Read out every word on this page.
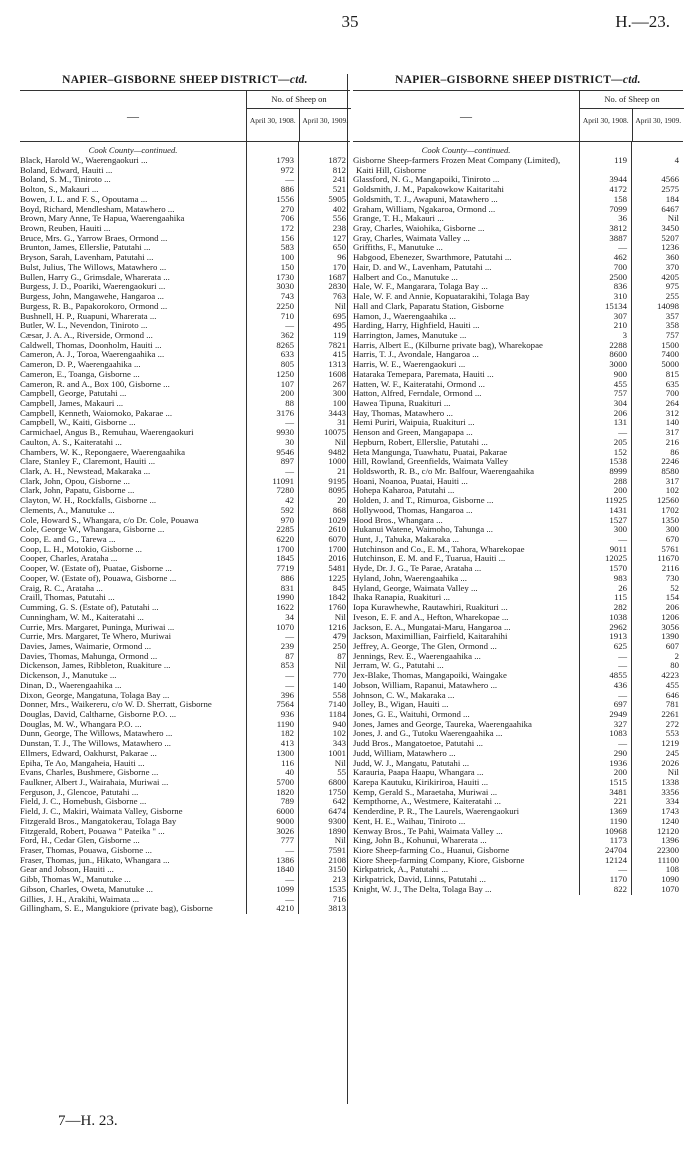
35	H.—23.
NAPIER–GISBORNE SHEEP DISTRICT—ctd.
—
No. of Sheep on
April 30, 1908. April 30, 1909.
Cook County—continued.
Black, Harold W., Waerengaokuri ...	1793	1872
Boland, Edward, Hauiti ...	972	812
Boland, S. M., Tiniroto ...	—	241
Bolton, S., Makauri ...	886	521
Bowen, J. L. and F. S., Opoutama ...	1556	5905
Boyd, Richard, Mendlesham, Matawhero ...	270	402
Brown, Mary Anne, Te Hapua, Waerengaahika	706	556
Brown, Reuben, Hauiti ...	172	238
Bruce, Mrs. G., Yarrow Braes, Ormond ...	156	127
Brunton, James, Ellerslie, Patutahi ...	583	650
Bryson, Sarah, Lavenham, Patutahi ...	100	96
Bulst, Julius, The Willows, Matawhero ...	150	170
Bullen, Harry G., Grimsdale, Wharerata ...	1730	1687
Burgess, J. D., Poariki, Waerengaokuri ...	3030	2830
Burgess, John, Mangawehe, Hangaroa ...	743	763
Burgess, R. B., Papakorokoro, Ormond ...	2250	Nil
Bushnell, H. P., Ruapuni, Wharerata ...	710	695
Butler, W. L., Nevendon, Tiniroto ...	—	495
Cæsar, J. A. A., Riverside, Ormond ...	362	119
Caldwell, Thomas, Doonholm, Hauiti ...	8265	7821
Cameron, A. J., Toroa, Waerengaahika ...	633	415
Cameron, D. P., Waerengaahika ...	805	1313
Cameron, E., Toanga, Gisborne ...	1250	1608
Cameron, R. and A., Box 100, Gisborne ...	107	267
Campbell, George, Patutahi ...	200	300
Campbell, James, Makauri ...	88	100
Campbell, Kenneth, Waiomoko, Pakarae ...	3176	3443
Campbell, W., Kaiti, Gisborne ...	—	31
Carmichael, Angus B., Remuhau, Waerengaokuri	9930	10075
Caulton, A. S., Kaiteratahi ...	30	Nil
Chambers, W. K., Repongaere, Waerengaahika	9546	9482
Clare, Stanley F., Claremont, Hauiti ...	897	1000
Clark, A. H., Newstead, Makaraka ...	—	21
Clark, John, Opou, Gisborne ...	11091	9195
Clark, John, Papatu, Gisborne ...	7280	8095
Clayton, W. H., Rockfalls, Gisborne ...	42	20
Clements, A., Manutuke ...	592	868
Cole, Howard S., Whangara, c/o Dr. Cole, Pouawa	970	1029
Cole, George W., Whangara, Gisborne ...	2285	2610
Coop, E. and G., Tarewa ...	6220	6070
Coop, L. H., Motokio, Gisborne ...	1700	1700
Cooper, Charles, Arataha ...	1845	2016
Cooper, W. (Estate of), Puatae, Gisborne ...	7719	5481
Cooper, W. (Estate of), Pouawa, Gisborne ...	886	1225
Craig, R. C., Arataha ...	831	845
Craill, Thomas, Patutahi ...	1990	1842
Cumming, G. S. (Estate of), Patutahi ...	1622	1760
Cunningham, W. M., Kaiteratahi ...	34	Nil
Currie, Mrs. Margaret, Puninga, Muriwai ...	1070	1216
Currie, Mrs. Margaret, Te Whero, Muriwai	—	479
Davies, James, Waimarie, Ormond ...	239	250
Davies, Thomas, Mahunga, Ormond ...	87	87
Dickenson, James, Ribbleton, Ruakiture ...	853	Nil
Dickenson, J., Manutuke ...	—	770
Dinan, D., Waerengaahika ...	—	140
Dixon, George, Mangatuna, Tolaga Bay ...	396	558
Donner, Mrs., Waikereru, c/o W. D. Sherratt, Gisborne	7564	7140
Douglas, David, Caltharne, Gisborne P.O. ...	936	1184
Douglas, M. W., Whangara P.O. ...	1190	940
Dunn, George, The Willows, Matawhero ...	182	102
Dunstan, T. J., The Willows, Matawhero ...	413	343
Ellmers, Edward, Oakhurst, Pakarae ...	1300	1001
Epiha, Te Ao, Mangaheia, Hauiti ...	116	Nil
Evans, Charles, Bushmere, Gisborne ...	40	55
Faulkner, Albert J., Wairahaia, Muriwai ...	5700	6800
Ferguson, J., Glencoe, Patutahi ...	1820	1750
Field, J. C., Homebush, Gisborne ...	789	642
Field, J. C., Makiri, Waimata Valley, Gisborne	6000	6474
Fitzgerald Bros., Mangatokerau, Tolaga Bay	9000	9300
Fitzgerald, Robert, Pouawa " Pateika " ...	3026	1890
Ford, H., Cedar Glen, Gisborne ...	777	Nil
Fraser, Thomas, Pouawa, Gisborne ...	—	7591
Fraser, Thomas, jun., Hikato, Whangara ...	1386	2108
Gear and Jobson, Hauiti ...	1840	3150
Gibb, Thomas W., Manutuke ...	—	213
Gibson, Charles, Oweta, Manutuke ...	1099	1535
Gillies, J. H., Arakihi, Waimata ...	—	716
Gillingham, S. E., Mangukiore (private bag), Gisborne	4210	3813
NAPIER–GISBORNE SHEEP DISTRICT—ctd.
—
No. of Sheep on
April 30, 1908. April 30, 1909.
Cook County—continued.
Gisborne Sheep-farmers Frozen Meat Company (Limited), Kaiti Hill, Gisborne
119	4
Glassford, N. G., Mangapoiki, Tiniroto ...	3944	4566
Goldsmith, J. M., Papakowkow Kaitaritahi	4172	2575
Goldsmith, T. J., Awapuni, Matawhero ...	158	184
Graham, William, Ngakaroa, Ormond ...	7099	6467
Grange, T. H., Makauri ...	36	Nil
Gray, Charles, Waiohika, Gisborne ...	3812	3450
Gray, Charles, Waimata Valley ...	3887	5207
Griffiths, F., Manutuke ...	—	1236
Habgood, Ebenezer, Swarthmore, Patutahi ...	462	360
Hair, D. and W., Lavenham, Patutahi ...	700	370
Halbert and Co., Manutuke ...	2500	4205
Hale, W. F., Mangarara, Tolaga Bay ...	836	975
Hale, W. F. and Annie, Kopuatarakihi, Tolaga Bay	310	255
Hall and Clark, Paparatu Station, Gisborne	15134	14098
Hamon, J., Waerengaahika ...	307	357
Harding, Harry, Highfield, Hauiti ...	210	358
Harrington, James, Manutuke ...	3	757
Harris, Albert E., (Kilburne private bag), Wharekopae	2288	1500
Harris, T. J., Avondale, Hangaroa ...	8600	7400
Harris, W. E., Waerengaokuri ...	3000	5000
Hataraka Temepara, Paremata, Hauiti ...	900	815
Hatten, W. F., Kaiteratahi, Ormond ...	455	635
Hatton, Alfred, Ferndale, Ormond ...	757	700
Hawea Tipuna, Ruakituri ...	304	264
Hay, Thomas, Matawhero ...	206	312
Hemi Puriri, Waipuia, Ruakituri ...	131	140
Henson and Green, Mangapapa ...	—	317
Hepburn, Robert, Ellerslie, Patutahi ...	205	216
Heta Mangunga, Tuawhatu, Puatai, Pakarae	152	86
Hill, Rowland, Greenfields, Waimata Valley	1538	2246
Holdsworth, R. B., c/o Mr. Balfour, Waerengaahika	8999	8580
Hoani, Noanoa, Puatai, Hauiti ...	288	317
Hohepa Kaharoa, Patutahi ...	200	102
Holden, J. and T., Rimuroa, Gisborne ...	11925	12560
Hollywood, Thomas, Hangaroa ...	1431	1702
Hood Bros., Whangara ...	1527	1350
Hukanui Watene, Waimoho, Tahunga ...	300	300
Hunt, J., Tahuka, Makaraka ...	—	670
Hutchinson and Co., E. M., Tahora, Wharekopae	9011	5761
Hutchinson, E. M. and F., Tuarua, Hauiti ...	12025	11670
Hyde, Dr. J. G., Te Parae, Arataha ...	1570	2116
Hyland, John, Waerengaahika ...	983	730
Hyland, George, Waimata Valley ...	26	52
Ihaka Ranapia, Ruakituri ...	115	154
Iopa Kurawhewhe, Rautawhiri, Ruakituri ...	282	206
Iveson, E. F. and A., Hefton, Wharekopae ...	1038	1206
Jackson, E. A., Mungatai-Maru, Hangaroa ...	2962	3056
Jackson, Maximillian, Fairfield, Kaitarahihi	1913	1390
Jeffrey, A. George, The Glen, Ormond ...	625	607
Jennings, Rev. E., Waerengaahika ...	—	2
Jerram, W. G., Patutahi ...	—	80
Jex-Blake, Thomas, Mangapoiki, Waingake	4855	4223
Jobson, William, Rapanui, Matawhero ...	436	455
Johnson, C. W., Makaraka ...	—	646
Jolley, B., Wigan, Hauiti ...	697	781
Jones, G. E., Waituhi, Ormond ...	2949	2261
Jones, James and George, Taureka, Waerengaahika	327	272
Jones, J. and G., Tutoku Waerengaahika ...	1083	553
Judd Bros., Mangatoetoe, Patutahi ...	—	1219
Judd, William, Matawhero ...	290	245
Judd, W. J., Mangatu, Patutahi ...	1936	2026
Karauria, Paapa Haapu, Whangara ...	200	Nil
Karepa Kautuku, Kirikiriroa, Hauiti ...	1515	1338
Kemp, Gerald S., Maraetaha, Muriwai ...	3481	3356
Kempthorne, A., Westmere, Kaiteratahi ...	221	334
Kenderdine, P. R., The Laurels, Waerengaokuri	1369	1743
Kent, H. E., Waihau, Tiniroto ...	1190	1240
Kenway Bros., Te Pahi, Waimata Valley ...	10968	12120
King, John B., Kohunui, Wharerata ...	1173	1396
Kiore Sheep-farming Co., Huanui, Gisborne	24704	22300
Kiore Sheep-farming Company, Kiore, Gisborne	12124	11100
Kirkpatrick, A., Patutahi ...	—	108
Kirkpatrick, David, Linns, Patutahi ...	1170	1090
Knight, W. J., The Delta, Tolaga Bay ...	822	1070
7—H. 23.
